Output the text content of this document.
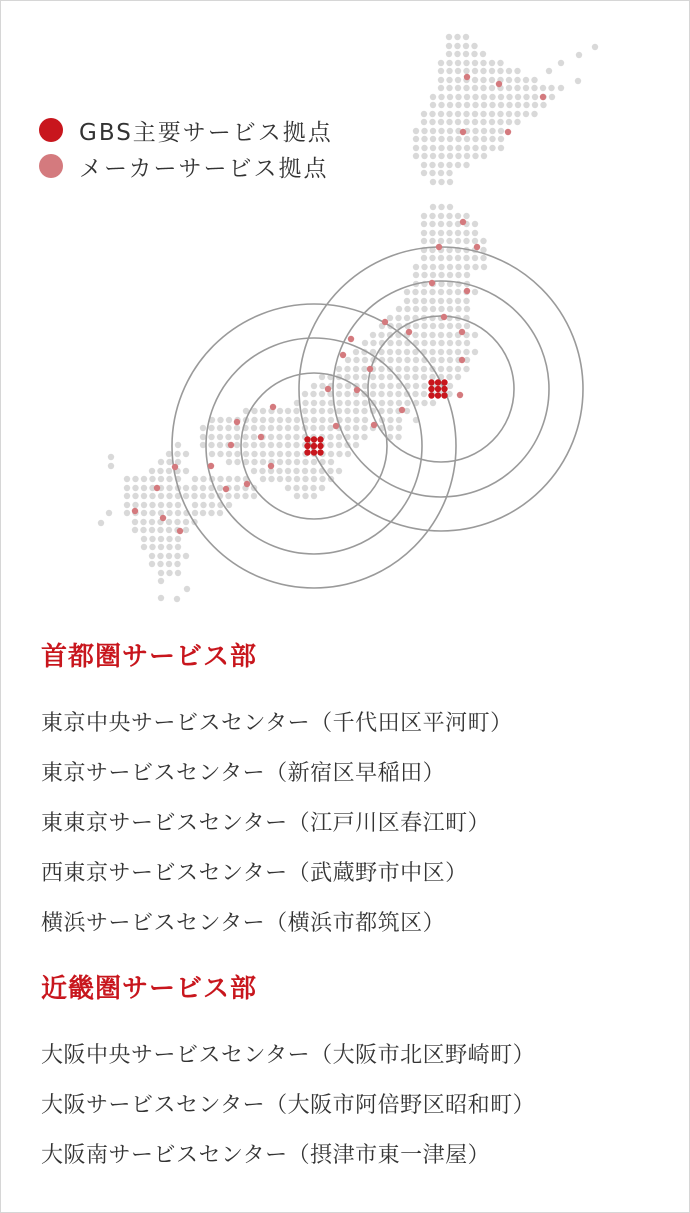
GBS主要サービス拠点
メーカーサービス拠点
首都圏サービス部
東京中央サービスセンター（千代田区平河町）
東京サービスセンター（新宿区早稲田）
東東京サービスセンター（江戸川区春江町）
西東京サービスセンター（武蔵野市中区）
横浜サービスセンター（横浜市都筑区）
近畿圏サービス部
大阪中央サービスセンター（大阪市北区野崎町）
大阪サービスセンター（大阪市阿倍野区昭和町）
大阪南サービスセンター（摂津市東一津屋）
